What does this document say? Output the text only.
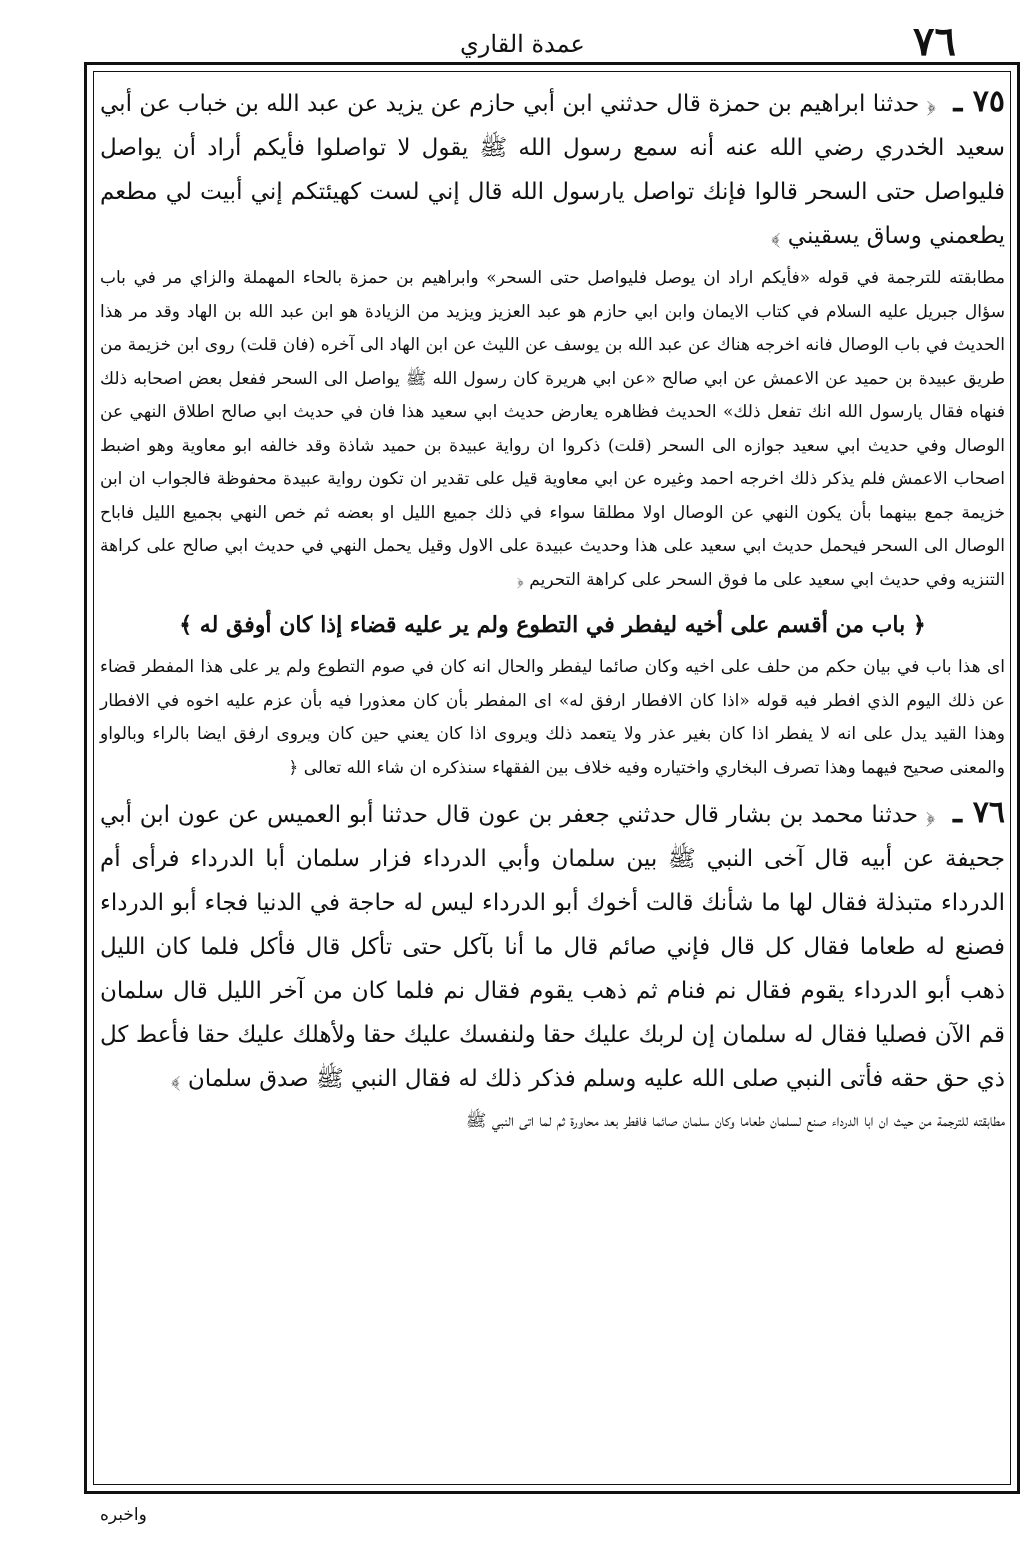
٧٦
عمدة القاري

٧٥ ـ ﴿ حدثنا ابراهيم بن حمزة قال حدثني ابن أبي حازم عن يزيد عن عبد الله بن خباب عن أبي سعيد الخدري رضي الله عنه أنه سمع رسول الله ﷺ يقول لا تواصلوا فأيكم أراد أن يواصل فليواصل حتى السحر قالوا فإنك تواصل يارسول الله قال إني لست كهيئتكم إني أبيت لي مطعم يطعمني وساق يسقيني ﴾

مطابقته للترجمة في قوله «فأيكم اراد ان يوصل فليواصل حتى السحر» وابراهيم بن حمزة بالحاء المهملة والزاي مر في باب سؤال جبريل عليه السلام في كتاب الايمان وابن ابي حازم هو عبد العزيز ويزيد من الزيادة هو ابن عبد الله بن الهاد وقد مر هذا الحديث في باب الوصال فانه اخرجه هناك عن عبد الله بن يوسف عن الليث عن ابن الهاد الى آخره (فان قلت) روى ابن خزيمة من طريق عبيدة بن حميد عن الاعمش عن ابي صالح «عن ابي هريرة كان رسول الله ﷺ يواصل الى السحر ففعل بعض اصحابه ذلك فنهاه فقال يارسول الله انك تفعل ذلك» الحديث فظاهره يعارض حديث ابي سعيد هذا فان في حديث ابي صالح اطلاق النهي عن الوصال وفي حديث ابي سعيد جوازه الى السحر (قلت) ذكروا ان رواية عبيدة بن حميد شاذة وقد خالفه ابو معاوية وهو اضبط اصحاب الاعمش فلم يذكر ذلك اخرجه احمد وغيره عن ابي معاوية قيل على تقدير ان تكون رواية عبيدة محفوظة فالجواب ان ابن خزيمة جمع بينهما بأن يكون النهي عن الوصال اولا مطلقا سواء في ذلك جميع الليل او بعضه ثم خص النهي بجميع الليل فاباح الوصال الى السحر فيحمل حديث ابي سعيد على هذا وحديث عبيدة على الاول وقيل يحمل النهي في حديث ابي صالح على كراهة التنزيه وفي حديث ابي سعيد على ما فوق السحر على كراهة التحريم ﴿

﴿ باب من أقسم على أخيه ليفطر في التطوع ولم ير عليه قضاء إذا كان أوفق له ﴾

اى هذا باب في بيان حكم من حلف على اخيه وكان صائما ليفطر والحال انه كان في صوم التطوع ولم ير على هذا المفطر قضاء عن ذلك اليوم الذي افطر فيه قوله «اذا كان الافطار ارفق له» اى المفطر بأن كان معذورا فيه بأن عزم عليه اخوه في الافطار وهذا القيد يدل على انه لا يفطر اذا كان بغير عذر ولا يتعمد ذلك ويروى اذا كان يعني حين كان ويروى ارفق ايضا بالراء وبالواو والمعنى صحيح فيهما وهذا تصرف البخاري واختياره وفيه خلاف بين الفقهاء سنذكره ان شاء الله تعالى ﴿

٧٦ ـ ﴿ حدثنا محمد بن بشار قال حدثني جعفر بن عون قال حدثنا أبو العميس عن عون ابن أبي جحيفة عن أبيه قال آخى النبي ﷺ بين سلمان وأبي الدرداء فزار سلمان أبا الدرداء فرأى أم الدرداء متبذلة فقال لها ما شأنك قالت أخوك أبو الدرداء ليس له حاجة في الدنيا فجاء أبو الدرداء فصنع له طعاما فقال كل قال فإني صائم قال ما أنا بآكل حتى تأكل قال فأكل فلما كان الليل ذهب أبو الدرداء يقوم فقال نم فنام ثم ذهب يقوم فقال نم فلما كان من آخر الليل قال سلمان قم الآن فصليا فقال له سلمان إن لربك عليك حقا ولنفسك عليك حقا ولأهلك عليك حقا فأعط كل ذي حق حقه فأتى النبي صلى الله عليه وسلم فذكر ذلك له فقال النبي ﷺ صدق سلمان ﴾

مطابقته للترجمة من حيث ان ابا الدرداء صنع لسلمان طعاما وكان سلمان صائما فافطر بعد محاورة ثم لما اتى النبي ﷺ

واخبره
